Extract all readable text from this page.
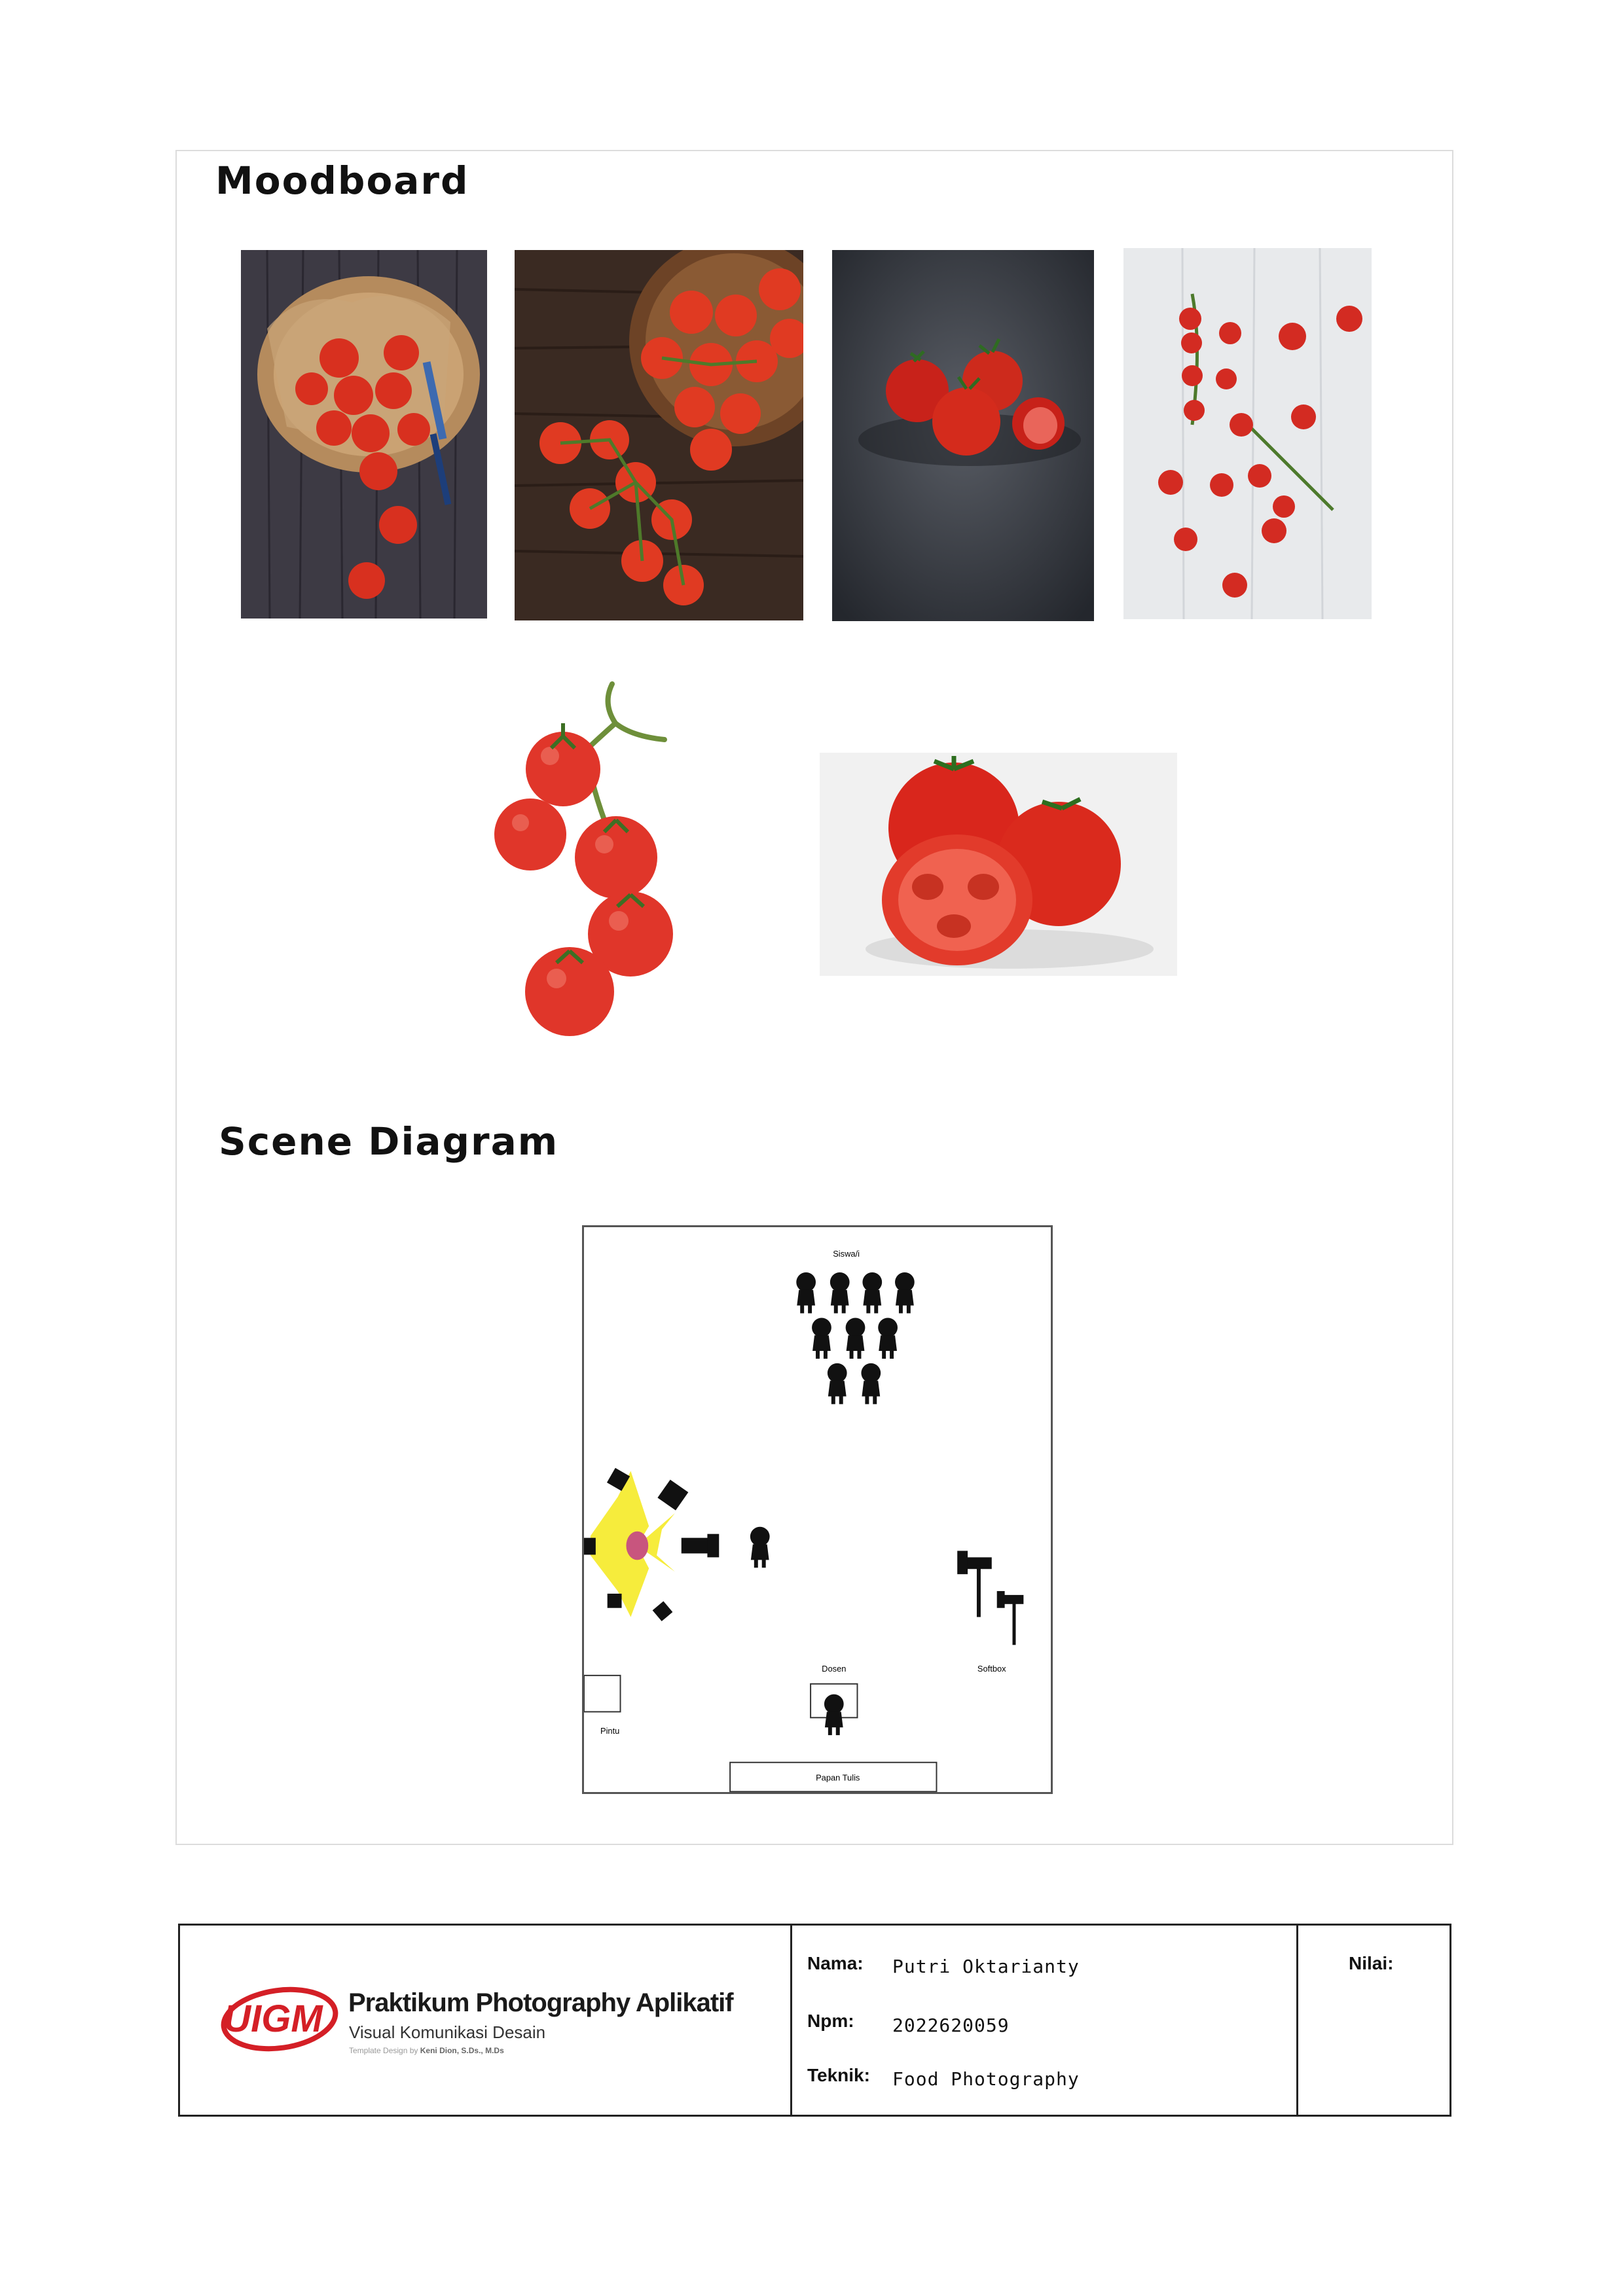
Moodboard
Scene Diagram
Siswa/i
Softbox
Dosen
Pintu
Papan Tulis
UIGM Praktikum Photography Aplikatif
Visual Komunikasi Desain
Template Design by Keni Dion, S.Ds., M.Ds
Nama: Putri Oktarianty
Npm: 2022620059
Teknik: Food Photography
Nilai:
